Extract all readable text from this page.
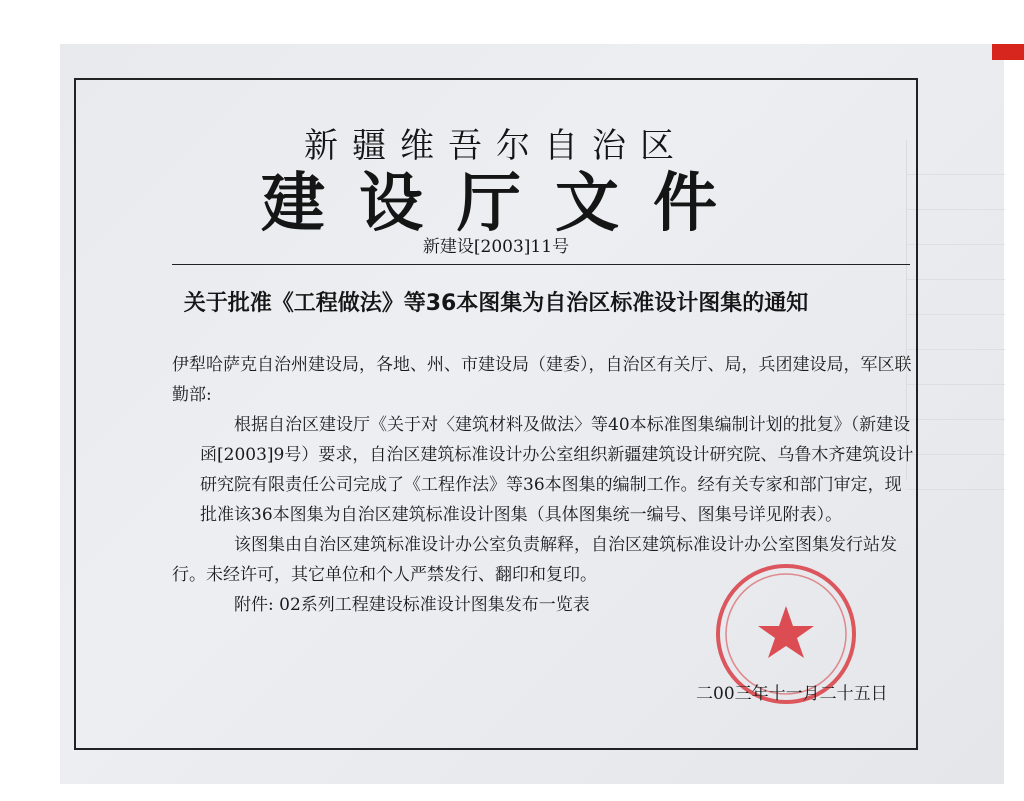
新疆维吾尔自治区

建设厅文件

新建设[2003]11号

关于批准《工程做法》等36本图集为自治区标准设计图集的通知

伊犁哈萨克自治州建设局，各地、州、市建设局（建委），自治区有关厅、局，兵团建设局，军区联勤部:

根据自治区建设厅《关于对〈建筑材料及做法〉等40本标准图集编制计划的批复》（新建设函[2003]9号）要求，自治区建筑标准设计办公室组织新疆建筑设计研究院、乌鲁木齐建筑设计研究院有限责任公司完成了《工程作法》等36本图集的编制工作。经有关专家和部门审定，现批准该36本图集为自治区建筑标准设计图集（具体图集统一编号、图集号详见附表）。

该图集由自治区建筑标准设计办公室负责解释，自治区建筑标准设计办公室图集发行站发

行。未经许可，其它单位和个人严禁发行、翻印和复印。

附件: 02系列工程建设标准设计图集发布一览表

二00三年十一月二十五日
